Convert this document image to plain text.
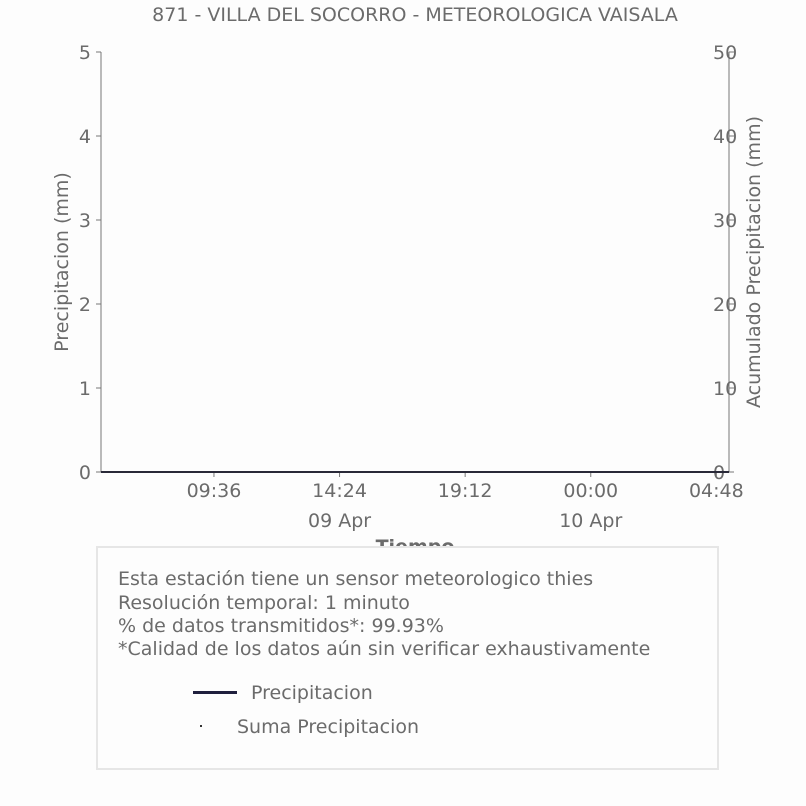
871 - VILLA DEL SOCORRO - METEOROLOGICA VAISALA
0
1
2
3
4
5
0
10
20
30
40
50
09:36	14:24
09 Apr
19:12	00:00
10 Apr
04:48
Precipitacion (mm)	Acumulado Precipitacion (mm)
Esta estación tiene un sensor meteorologico thies
Resolución temporal: 1 minuto
% de datos transmitidos*: 99.93%
*Calidad de los datos aún sin verificar exhaustivamente
Precipitacion
Suma Precipitacion
